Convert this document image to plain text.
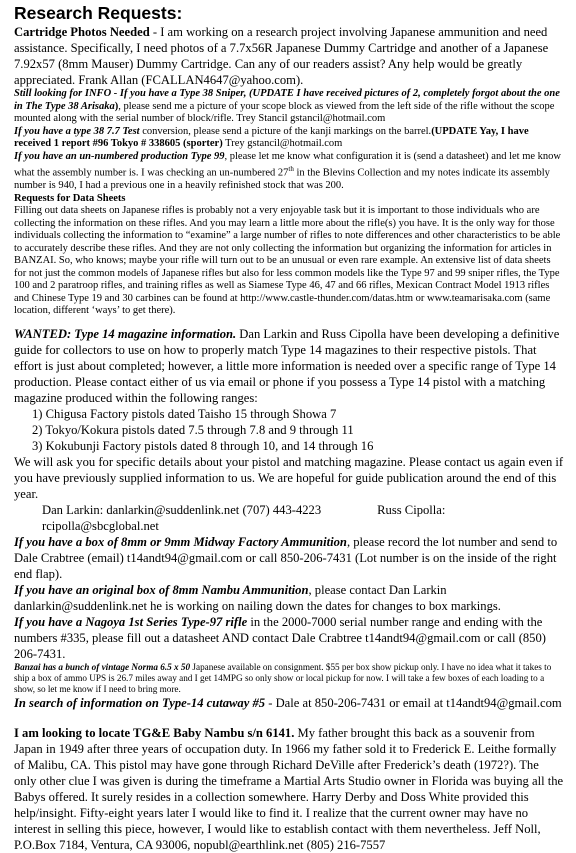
Research Requests:

Cartridge Photos Needed - I am working on a research project involving Japanese ammunition and need assistance. Specifically, I need photos of a 7.7x56R Japanese Dummy Cartridge and another of a Japanese 7.92x57 (8mm Mauser) Dummy Cartridge. Can any of our readers assist? Any help would be greatly appreciated. Frank Allan (FCALLAN4647@yahoo.com).

Still looking for INFO - If you have a Type 38 Sniper, (UPDATE I have received pictures of 2, completely forgot about the one in The Type 38 Arisaka), please send me a picture of your scope block as viewed from the left side of the rifle without the scope mounted along with the serial number of block/rifle. Trey Stancil gstancil@hotmail.com

If you have a type 38 7.7 Test conversion, please send a picture of the kanji markings on the barrel.(UPDATE Yay, I have received 1 report #96 Tokyo # 338605 (sporter) Trey gstancil@hotmail.com

If you have an un-numbered production Type 99, please let me know what configuration it is (send a datasheet) and let me know what the assembly number is. I was checking an un-numbered 27th in the Blevins Collection and my notes indicate its assembly number is 940, I had a previous one in a heavily refinished stock that was 200.

Requests for Data Sheets

Filling out data sheets on Japanese rifles is probably not a very enjoyable task but it is important to those individuals who are collecting the information on these rifles. And you may learn a little more about the rifle(s) you have. It is the only way for those individuals collecting the information to “examine” a large number of rifles to note differences and other characteristics to be able to accurately describe these rifles. And they are not only collecting the information but organizing the information for articles in BANZAI. So, who knows; maybe your rifle will turn out to be an unusual or even rare example. An extensive list of data sheets for not just the common models of Japanese rifles but also for less common models like the Type 97 and 99 sniper rifles, the Type 100 and 2 paratroop rifles, and training rifles as well as Siamese Type 46, 47 and 66 rifles, Mexican Contract Model 1913 rifles and Chinese Type 19 and 30 carbines can be found at http://www.castle-thunder.com/datas.htm or www.teamarisaka.com (same location, different ‘ways’ to get there).

WANTED: Type 14 magazine information. Dan Larkin and Russ Cipolla have been developing a definitive guide for collectors to use on how to properly match Type 14 magazines to their respective pistols. That effort is just about completed; however, a little more information is needed over a specific range of Type 14 production. Please contact either of us via email or phone if you possess a Type 14 pistol with a matching magazine produced within the following ranges:

1) Chigusa Factory pistols dated Taisho 15 through Showa 7

2) Tokyo/Kokura pistols dated 7.5 through 7.8 and 9 through 11

3) Kokubunji Factory pistols dated 8 through 10, and 14 through 16

We will ask you for specific details about your pistol and matching magazine. Please contact us again even if you have previously supplied information to us. We are hopeful for guide publication around the end of this year.

Dan Larkin: danlarkin@suddenlink.net (707) 443-4223	Russ Cipolla: rcipolla@sbcglobal.net

If you have a box of 8mm or 9mm Midway Factory Ammunition, please record the lot number and send to Dale Crabtree (email) t14andt94@gmail.com or call 850-206-7431 (Lot number is on the inside of the right end flap).

If you have an original box of 8mm Nambu Ammunition, please contact Dan Larkin danlarkin@suddenlink.net he is working on nailing down the dates for changes to box markings.

If you have a Nagoya 1st Series Type-97 rifle in the 2000-7000 serial number range and ending with the numbers #335, please fill out a datasheet AND contact Dale Crabtree t14andt94@gmail.com or call (850) 206-7431.

Banzai has a bunch of vintage Norma 6.5 x 50 Japanese available on consignment. $55 per box show pickup only. I have no idea what it takes to ship a box of ammo UPS is 26.7 miles away and I get 14MPG so only show or local pickup for now. I will take a few boxes of each loading to a show, so let me know if I need to bring more.

In search of information on Type-14 cutaway #5 - Dale at 850-206-7431 or email at t14andt94@gmail.com

I am looking to locate TG&E Baby Nambu s/n 6141. My father brought this back as a souvenir from Japan in 1949 after three years of occupation duty. In 1966 my father sold it to Frederick E. Leithe formally of Malibu, CA. This pistol may have gone through Richard DeVille after Frederick’s death (1972?). The only other clue I was given is during the timeframe a Martial Arts Studio owner in Florida was buying all the Babys offered. It surely resides in a collection somewhere. Harry Derby and Doss White provided this help/insight. Fifty-eight years later I would like to find it. I realize that the current owner may have no interest in selling this piece, however, I would like to establish contact with them nevertheless. Jeff Noll, P.O.Box 7184, Ventura, CA 93006, nopubl@earthlink.net (805) 216-7557
